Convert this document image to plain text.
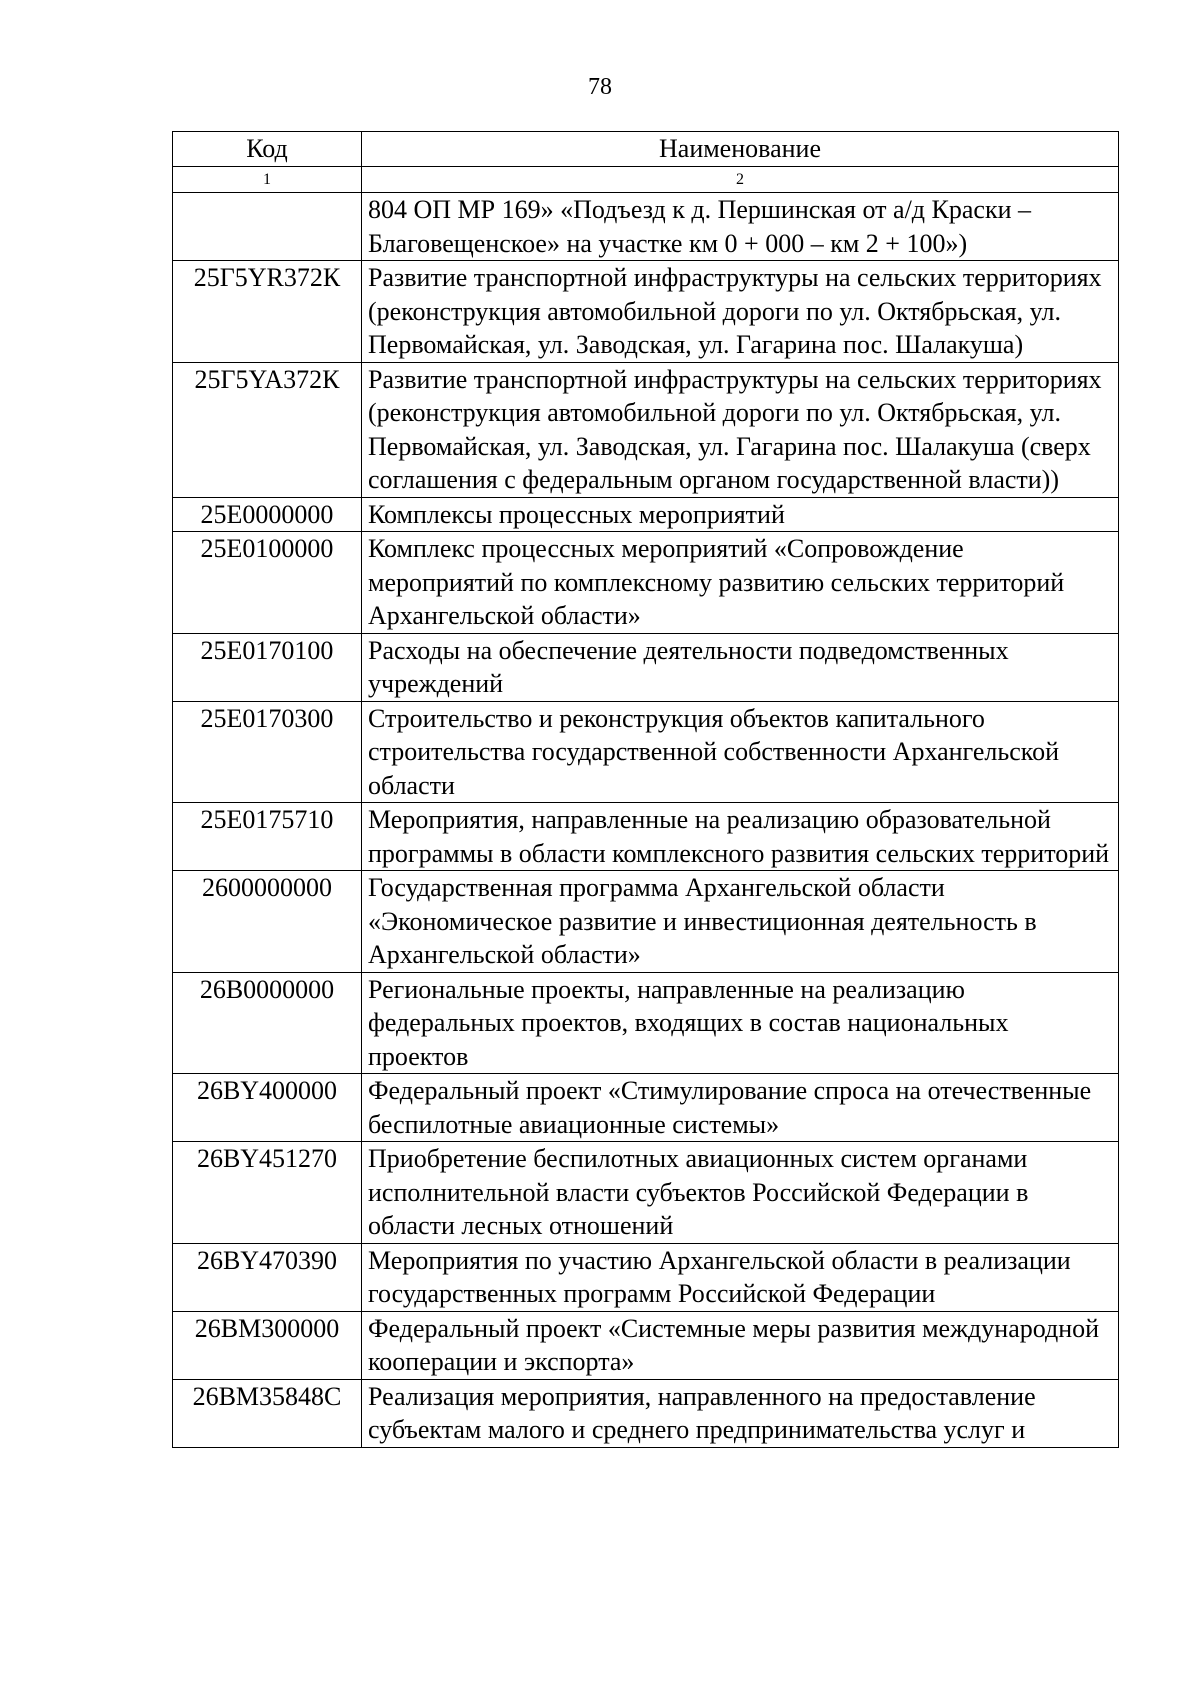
78
Код	Наименование
1	2
	804 ОП МР 169» «Подъезд к д. Першинская от а/д Краски – Благовещенское» на участке км 0 + 000 – км 2 + 100»)
25Г5YR372К	Развитие транспортной инфраструктуры на сельских территориях (реконструкция автомобильной дороги по ул. Октябрьская, ул. Первомайская, ул. Заводская, ул. Гагарина пос. Шалакуша)
25Г5YA372К	Развитие транспортной инфраструктуры на сельских территориях (реконструкция автомобильной дороги по ул. Октябрьская, ул. Первомайская, ул. Заводская, ул. Гагарина пос. Шалакуша (сверх соглашения с федеральным органом государственной власти))
25Е0000000	Комплексы процессных мероприятий
25Е0100000	Комплекс процессных мероприятий «Сопровождение мероприятий по комплексному развитию сельских территорий Архангельской области»
25Е0170100	Расходы на обеспечение деятельности подведомственных учреждений
25Е0170300	Строительство и реконструкция объектов капитального строительства государственной собственности Архангельской области
25Е0175710	Мероприятия, направленные на реализацию образовательной программы в области комплексного развития сельских территорий
2600000000	Государственная программа Архангельской области «Экономическое развитие и инвестиционная деятельность в Архангельской области»
26В0000000	Региональные проекты, направленные на реализацию федеральных проектов, входящих в состав национальных проектов
26ВY400000	Федеральный проект «Стимулирование спроса на отечественные беспилотные авиационные системы»
26ВY451270	Приобретение беспилотных авиационных систем органами исполнительной власти субъектов Российской Федерации в области лесных отношений
26ВY470390	Мероприятия по участию Архангельской области в реализации государственных программ Российской Федерации
26ВМ300000	Федеральный проект «Системные меры развития международной кооперации и экспорта»
26ВМ35848С	Реализация мероприятия, направленного на предоставление субъектам малого и среднего предпринимательства услуг и
